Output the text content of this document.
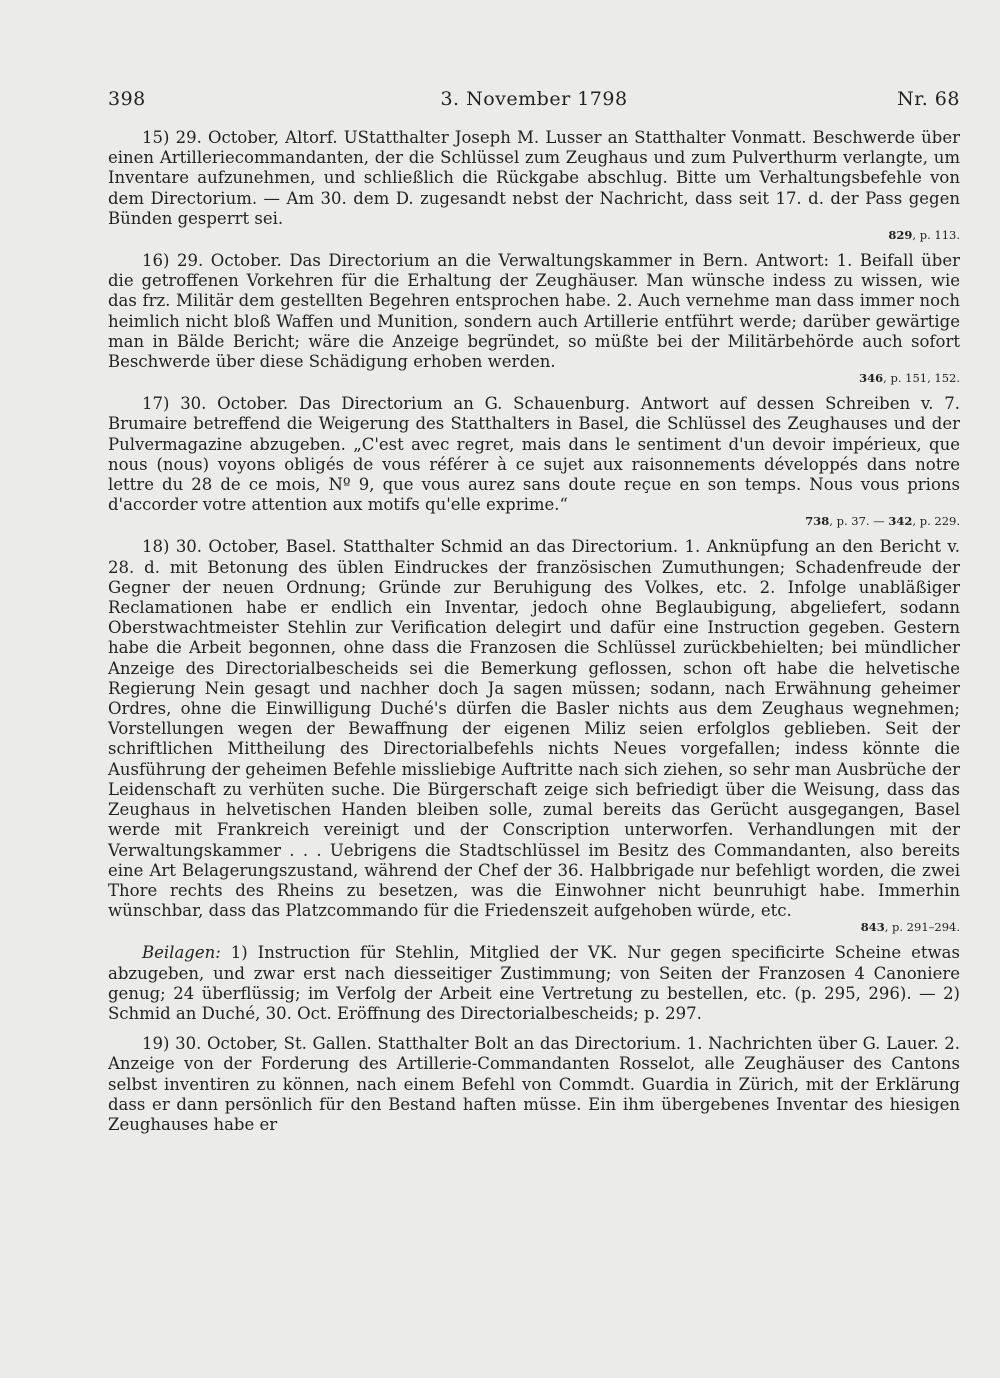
398	3. November 1798	Nr. 68

15) 29. October, Altorf. UStatthalter Joseph M. Lusser an Statthalter Vonmatt. Beschwerde über einen Artilleriecommandanten, der die Schlüssel zum Zeughaus und zum Pulverthurm verlangte, um Inventare aufzunehmen, und schließlich die Rückgabe abschlug. Bitte um Verhaltungsbefehle von dem Directorium. — Am 30. dem D. zugesandt nebst der Nachricht, dass seit 17. d. der Pass gegen Bünden gesperrt sei.

829, p. 113.

16) 29. October. Das Directorium an die Verwaltungskammer in Bern. Antwort: 1. Beifall über die getroffenen Vorkehren für die Erhaltung der Zeughäuser. Man wünsche indess zu wissen, wie das frz. Militär dem gestellten Begehren entsprochen habe. 2. Auch vernehme man dass immer noch heimlich nicht bloß Waffen und Munition, sondern auch Artillerie entführt werde; darüber gewärtige man in Bälde Bericht; wäre die Anzeige begründet, so müßte bei der Militärbehörde auch sofort Beschwerde über diese Schädigung erhoben werden.

346, p. 151, 152.

17) 30. October. Das Directorium an G. Schauenburg. Antwort auf dessen Schreiben v. 7. Brumaire betreffend die Weigerung des Statthalters in Basel, die Schlüssel des Zeughauses und der Pulvermagazine abzugeben. „C'est avec regret, mais dans le sentiment d'un devoir impérieux, que nous (nous) voyons obligés de vous référer à ce sujet aux raisonnements développés dans notre lettre du 28 de ce mois, Nº 9, que vous aurez sans doute reçue en son temps. Nous vous prions d'accorder votre attention aux motifs qu'elle exprime.“

738, p. 37. — 342, p. 229.

18) 30. October, Basel. Statthalter Schmid an das Directorium. 1. Anknüpfung an den Bericht v. 28. d. mit Betonung des üblen Eindruckes der französischen Zumuthungen; Schadenfreude der Gegner der neuen Ordnung; Gründe zur Beruhigung des Volkes, etc. 2. Infolge unabläßiger Reclamationen habe er endlich ein Inventar, jedoch ohne Beglaubigung, abgeliefert, sodann Oberstwachtmeister Stehlin zur Verification delegirt und dafür eine Instruction gegeben. Gestern habe die Arbeit begonnen, ohne dass die Franzosen die Schlüssel zurückbehielten; bei mündlicher Anzeige des Directorialbescheids sei die Bemerkung geflossen, schon oft habe die helvetische Regierung Nein gesagt und nachher doch Ja sagen müssen; sodann, nach Erwähnung geheimer Ordres, ohne die Einwilligung Duché's dürfen die Basler nichts aus dem Zeughaus wegnehmen; Vorstellungen wegen der Bewaffnung der eigenen Miliz seien erfolglos geblieben. Seit der schriftlichen Mittheilung des Directorialbefehls nichts Neues vorgefallen; indess könnte die Ausführung der geheimen Befehle missliebige Auftritte nach sich ziehen, so sehr man Ausbrüche der Leidenschaft zu verhüten suche. Die Bürgerschaft zeige sich befriedigt über die Weisung, dass das Zeughaus in helvetischen Handen bleiben solle, zumal bereits das Gerücht ausgegangen, Basel werde mit Frankreich vereinigt und der Conscription unterworfen. Verhandlungen mit der Verwaltungskammer . . . Uebrigens die Stadtschlüssel im Besitz des Commandanten, also bereits eine Art Belagerungszustand, während der Chef der 36. Halbbrigade nur befehligt worden, die zwei Thore rechts des Rheins zu besetzen, was die Einwohner nicht beunruhigt habe. Immerhin wünschbar, dass das Platzcommando für die Friedenszeit aufgehoben würde, etc.

843, p. 291–294.

Beilagen: 1) Instruction für Stehlin, Mitglied der VK. Nur gegen specificirte Scheine etwas abzugeben, und zwar erst nach diesseitiger Zustimmung; von Seiten der Franzosen 4 Canoniere genug; 24 überflüssig; im Verfolg der Arbeit eine Vertretung zu bestellen, etc. (p. 295, 296). — 2) Schmid an Duché, 30. Oct. Eröffnung des Directorialbescheids; p. 297.

19) 30. October, St. Gallen. Statthalter Bolt an das Directorium. 1. Nachrichten über G. Lauer. 2. Anzeige von der Forderung des Artillerie-Commandanten Rosselot, alle Zeughäuser des Cantons selbst inventiren zu können, nach einem Befehl von Commdt. Guardia in Zürich, mit der Erklärung dass er dann persönlich für den Bestand haften müsse. Ein ihm übergebenes Inventar des hiesigen Zeughauses habe er
